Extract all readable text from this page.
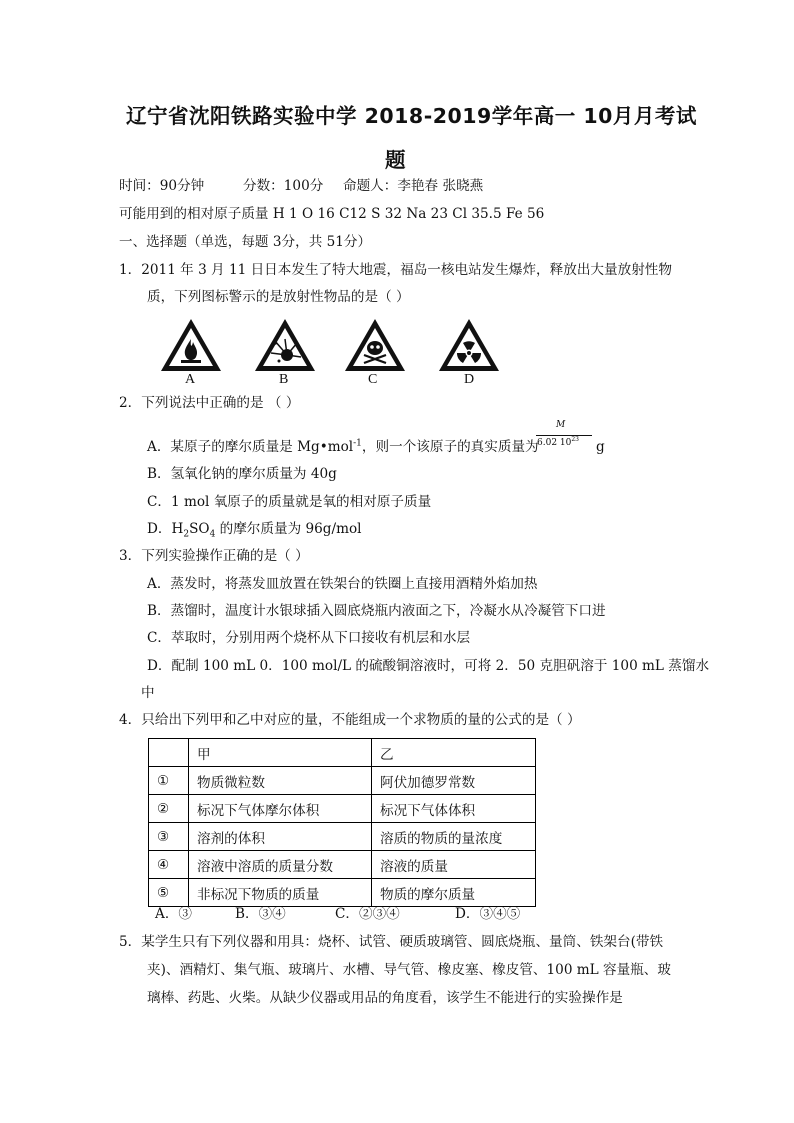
辽宁省沈阳铁路实验中学 2018-2019学年高一 10月月考试
题
时间：90分钟	分数：100分 命题人：李艳春 张晓燕
可能用到的相对原子质量 H 1 O 16 C12 S 32 Na 23 Cl 35.5 Fe 56
一、选择题（单选，每题 3分，共 51分）
1．2011 年 3 月 11 日日本发生了特大地震，福岛一核电站发生爆炸，释放出大量放射性物
质，下列图标警示的是放射性物品的是（ ）
A	B	C	D
2．下列说法中正确的是 （ ）
A．某原子的摩尔质量是 Mg•mol$^{-1}$，则一个该原子的真实质量为
M
6.02 $10^{23}$ g
B．氢氧化钠的摩尔质量为 40g
C．1 mol 氧原子的质量就是氧的相对原子质量
D．$H_2SO_4$ 的摩尔质量为 96g/mol
3．下列实验操作正确的是（ ）
A．蒸发时，将蒸发皿放置在铁架台的铁圈上直接用酒精外焰加热
B．蒸馏时，温度计水银球插入圆底烧瓶内液面之下，冷凝水从冷凝管下口进
C．萃取时，分别用两个烧杯从下口接收有机层和水层
D．配制 100 mL 0．100 mol/L 的硫酸铜溶液时，可将 2．50 克胆矾溶于 100 mL 蒸馏水
中
4．只给出下列甲和乙中对应的量，不能组成一个求物质的量的公式的是（ ）
	甲	乙
①	物质微粒数	阿伏加德罗常数
②	标况下气体摩尔体积	标况下气体体积
③	溶剂的体积	溶质的物质的量浓度
④	溶液中溶质的质量分数	溶液的质量
⑤	非标况下物质的质量	物质的摩尔质量
A．③	B．③④	C．②③④	D．③④⑤
5．某学生只有下列仪器和用具：烧杯、试管、硬质玻璃管、圆底烧瓶、量筒、铁架台(带铁
夹)、酒精灯、集气瓶、玻璃片、水槽、导气管、橡皮塞、橡皮管、100 mL 容量瓶、玻
璃棒、药匙、火柴。从缺少仪器或用品的角度看，该学生不能进行的实验操作是
